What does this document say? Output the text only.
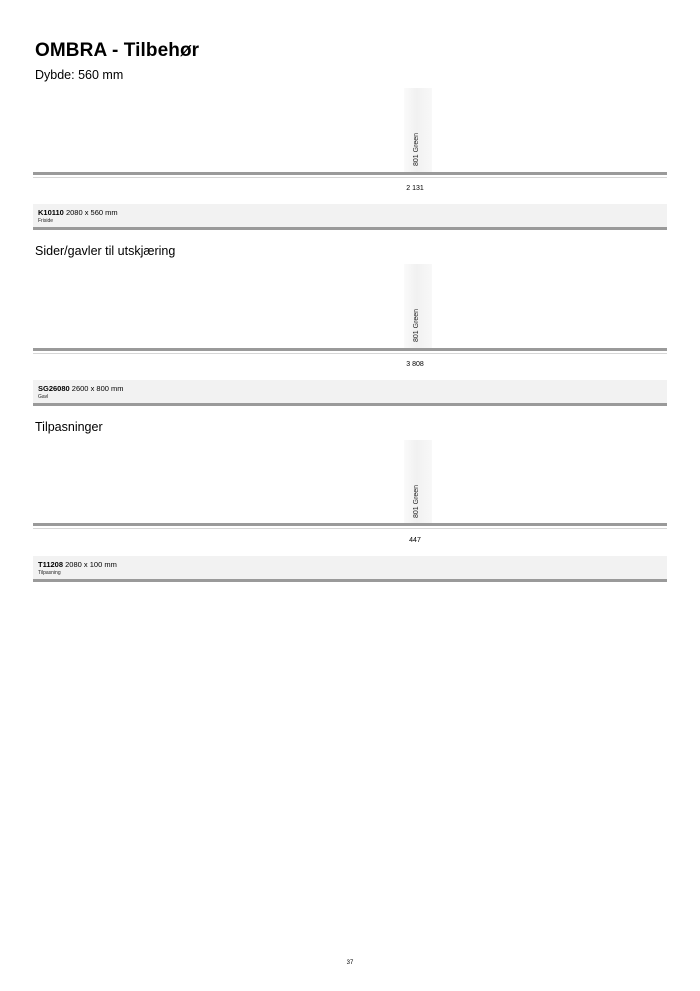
OMBRA - Tilbehør
Dybde: 560 mm
801 Green
2 131
K10110 2080 x 560 mm
Friside
Sider/gavler til utskjæring
801 Green
3 808
SG26080 2600 x 800 mm
Gavl
Tilpasninger
801 Green
447
T11208 2080 x 100 mm
Tilpasning
37
